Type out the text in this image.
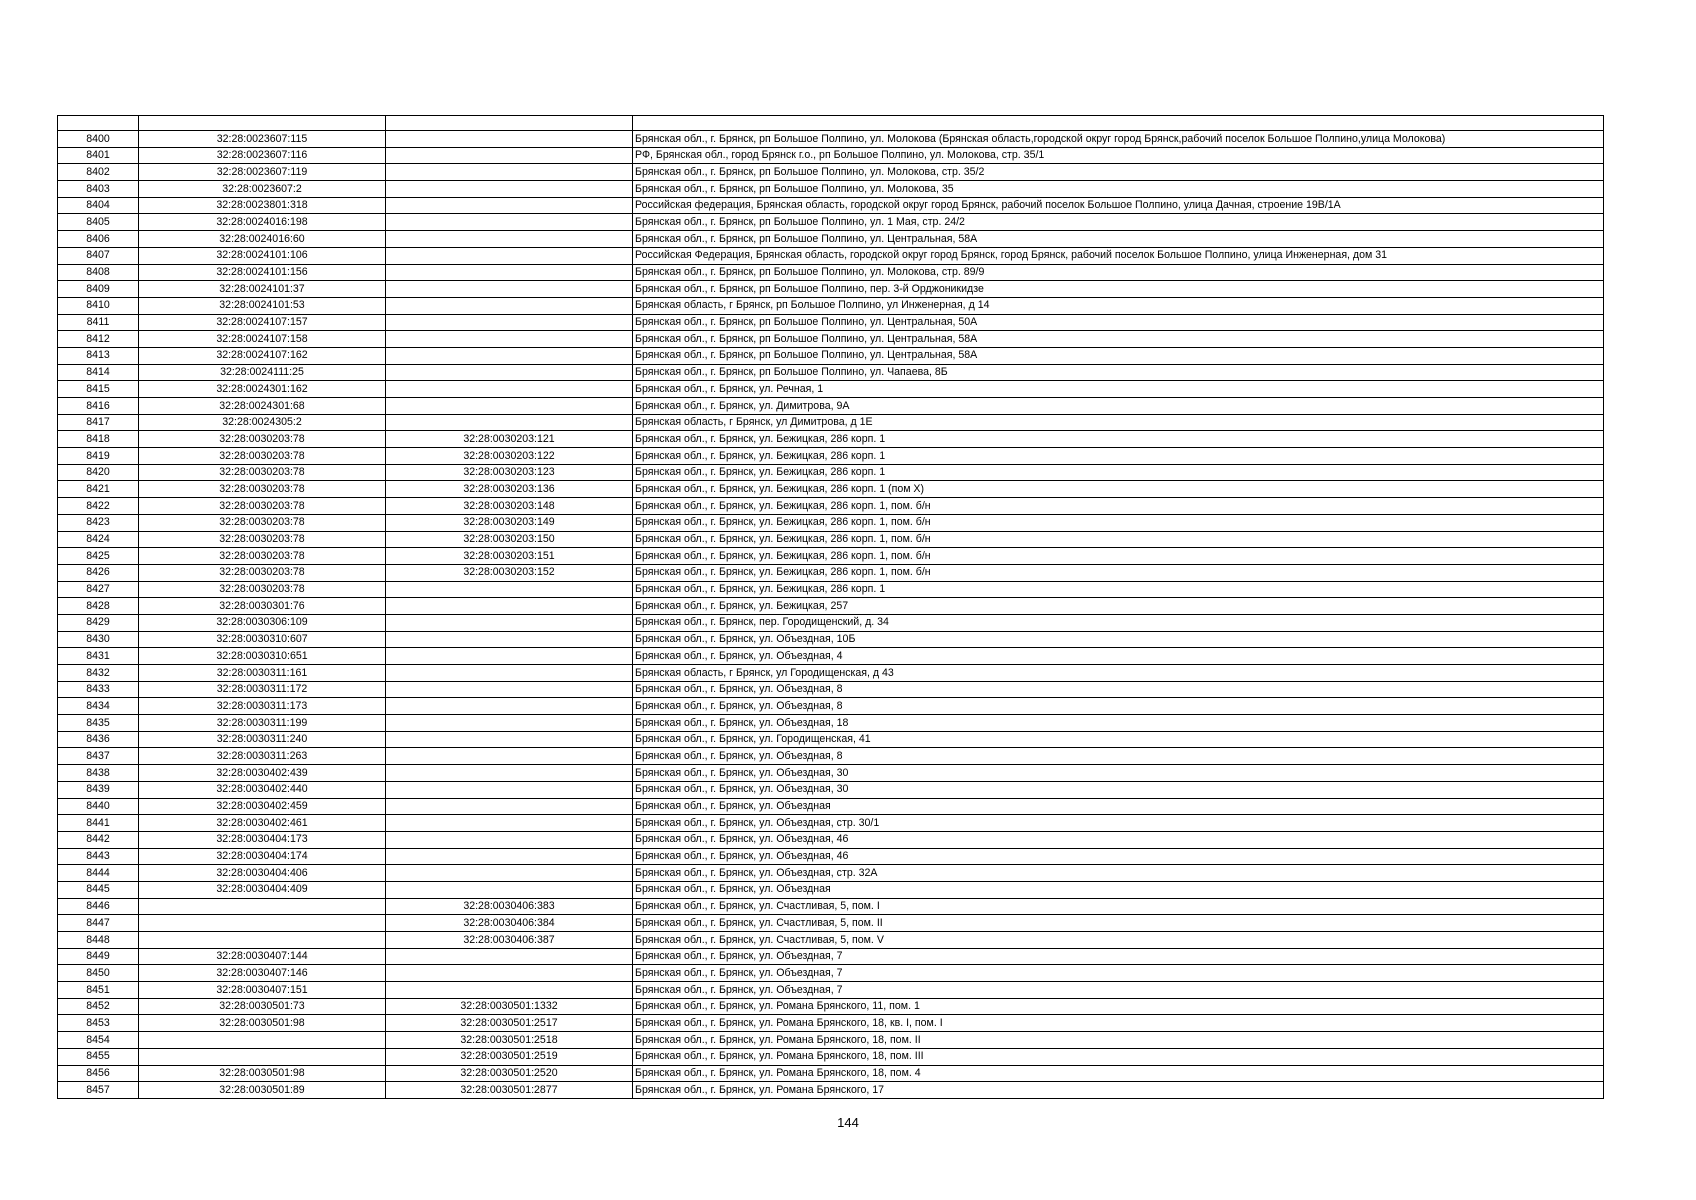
8400	32:28:0023607:115		Брянская обл., г. Брянск, рп Большое Полпино, ул. Молокова (Брянская область,городской округ город Брянск,рабочий поселок Большое Полпино,улица Молокова)
8401	32:28:0023607:116		РФ, Брянская обл., город Брянск г.о., рп Большое Полпино, ул. Молокова, стр. 35/1
8402	32:28:0023607:119		Брянская обл., г. Брянск, рп Большое Полпино, ул. Молокова, стр. 35/2
8403	32:28:0023607:2		Брянская обл., г. Брянск, рп Большое Полпино, ул. Молокова, 35
8404	32:28:0023801:318		Российская федерация, Брянская область, городской округ город Брянск, рабочий поселок Большое Полпино, улица Дачная, строение 19В/1А
8405	32:28:0024016:198		Брянская обл., г. Брянск, рп Большое Полпино, ул. 1 Мая, стр. 24/2
8406	32:28:0024016:60		Брянская обл., г. Брянск, рп Большое Полпино, ул. Центральная, 58А
8407	32:28:0024101:106		Российская Федерация, Брянская область, городской округ город Брянск, город Брянск, рабочий поселок Большое Полпино, улица Инженерная, дом 31
8408	32:28:0024101:156		Брянская обл., г. Брянск, рп Большое Полпино, ул. Молокова, стр. 89/9
8409	32:28:0024101:37		Брянская обл., г. Брянск, рп Большое Полпино, пер. 3-й Орджоникидзе
8410	32:28:0024101:53		Брянская область, г Брянск, рп Большое Полпино, ул Инженерная, д 14
8411	32:28:0024107:157		Брянская обл., г. Брянск, рп Большое Полпино, ул. Центральная, 50А
8412	32:28:0024107:158		Брянская обл., г. Брянск, рп Большое Полпино, ул. Центральная, 58А
8413	32:28:0024107:162		Брянская обл., г. Брянск, рп Большое Полпино, ул. Центральная, 58А
8414	32:28:0024111:25		Брянская обл., г. Брянск, рп Большое Полпино, ул. Чапаева, 8Б
8415	32:28:0024301:162		Брянская обл., г. Брянск, ул. Речная, 1
8416	32:28:0024301:68		Брянская обл., г. Брянск, ул. Димитрова, 9А
8417	32:28:0024305:2		Брянская область, г Брянск, ул Димитрова, д 1Е
8418	32:28:0030203:78	32:28:0030203:121	Брянская обл., г. Брянск, ул. Бежицкая, 286 корп. 1
8419	32:28:0030203:78	32:28:0030203:122	Брянская обл., г. Брянск, ул. Бежицкая, 286 корп. 1
8420	32:28:0030203:78	32:28:0030203:123	Брянская обл., г. Брянск, ул. Бежицкая, 286 корп. 1
8421	32:28:0030203:78	32:28:0030203:136	Брянская обл., г. Брянск, ул. Бежицкая, 286 корп. 1 (пом X)
8422	32:28:0030203:78	32:28:0030203:148	Брянская обл., г. Брянск, ул. Бежицкая, 286 корп. 1, пом. б/н
8423	32:28:0030203:78	32:28:0030203:149	Брянская обл., г. Брянск, ул. Бежицкая, 286 корп. 1, пом. б/н
8424	32:28:0030203:78	32:28:0030203:150	Брянская обл., г. Брянск, ул. Бежицкая, 286 корп. 1, пом. б/н
8425	32:28:0030203:78	32:28:0030203:151	Брянская обл., г. Брянск, ул. Бежицкая, 286 корп. 1, пом. б/н
8426	32:28:0030203:78	32:28:0030203:152	Брянская обл., г. Брянск, ул. Бежицкая, 286 корп. 1, пом. б/н
8427	32:28:0030203:78		Брянская обл., г. Брянск, ул. Бежицкая, 286 корп. 1
8428	32:28:0030301:76		Брянская обл., г. Брянск, ул. Бежицкая, 257
8429	32:28:0030306:109		Брянская обл., г. Брянск, пер. Городищенский, д. 34
8430	32:28:0030310:607		Брянская обл., г. Брянск, ул. Объездная, 10Б
8431	32:28:0030310:651		Брянская обл., г. Брянск, ул. Объездная, 4
8432	32:28:0030311:161		Брянская область, г Брянск, ул Городищенская, д 43
8433	32:28:0030311:172		Брянская обл., г. Брянск, ул. Объездная, 8
8434	32:28:0030311:173		Брянская обл., г. Брянск, ул. Объездная, 8
8435	32:28:0030311:199		Брянская обл., г. Брянск, ул. Объездная, 18
8436	32:28:0030311:240		Брянская обл., г. Брянск, ул. Городищенская, 41
8437	32:28:0030311:263		Брянская обл., г. Брянск, ул. Объездная, 8
8438	32:28:0030402:439		Брянская обл., г. Брянск, ул. Объездная, 30
8439	32:28:0030402:440		Брянская обл., г. Брянск, ул. Объездная, 30
8440	32:28:0030402:459		Брянская обл., г. Брянск, ул. Объездная
8441	32:28:0030402:461		Брянская обл., г. Брянск, ул. Объездная, стр. 30/1
8442	32:28:0030404:173		Брянская обл., г. Брянск, ул. Объездная, 46
8443	32:28:0030404:174		Брянская обл., г. Брянск, ул. Объездная, 46
8444	32:28:0030404:406		Брянская обл., г. Брянск, ул. Объездная, стр. 32А
8445	32:28:0030404:409		Брянская обл., г. Брянск, ул. Объездная
8446		32:28:0030406:383	Брянская обл., г. Брянск, ул. Счастливая, 5, пом. I
8447		32:28:0030406:384	Брянская обл., г. Брянск, ул. Счастливая, 5, пом. II
8448		32:28:0030406:387	Брянская обл., г. Брянск, ул. Счастливая, 5, пом. V
8449	32:28:0030407:144		Брянская обл., г. Брянск, ул. Объездная, 7
8450	32:28:0030407:146		Брянская обл., г. Брянск, ул. Объездная, 7
8451	32:28:0030407:151		Брянская обл., г. Брянск, ул. Объездная, 7
8452	32:28:0030501:73	32:28:0030501:1332	Брянская обл., г. Брянск, ул. Романа Брянского, 11, пом. 1
8453	32:28:0030501:98	32:28:0030501:2517	Брянская обл., г. Брянск, ул. Романа Брянского, 18, кв. I, пом. I
8454		32:28:0030501:2518	Брянская обл., г. Брянск, ул. Романа Брянского, 18, пом. II
8455		32:28:0030501:2519	Брянская обл., г. Брянск, ул. Романа Брянского, 18, пом. III
8456	32:28:0030501:98	32:28:0030501:2520	Брянская обл., г. Брянск, ул. Романа Брянского, 18, пом. 4
8457	32:28:0030501:89	32:28:0030501:2877	Брянская обл., г. Брянск, ул. Романа Брянского, 17
144
